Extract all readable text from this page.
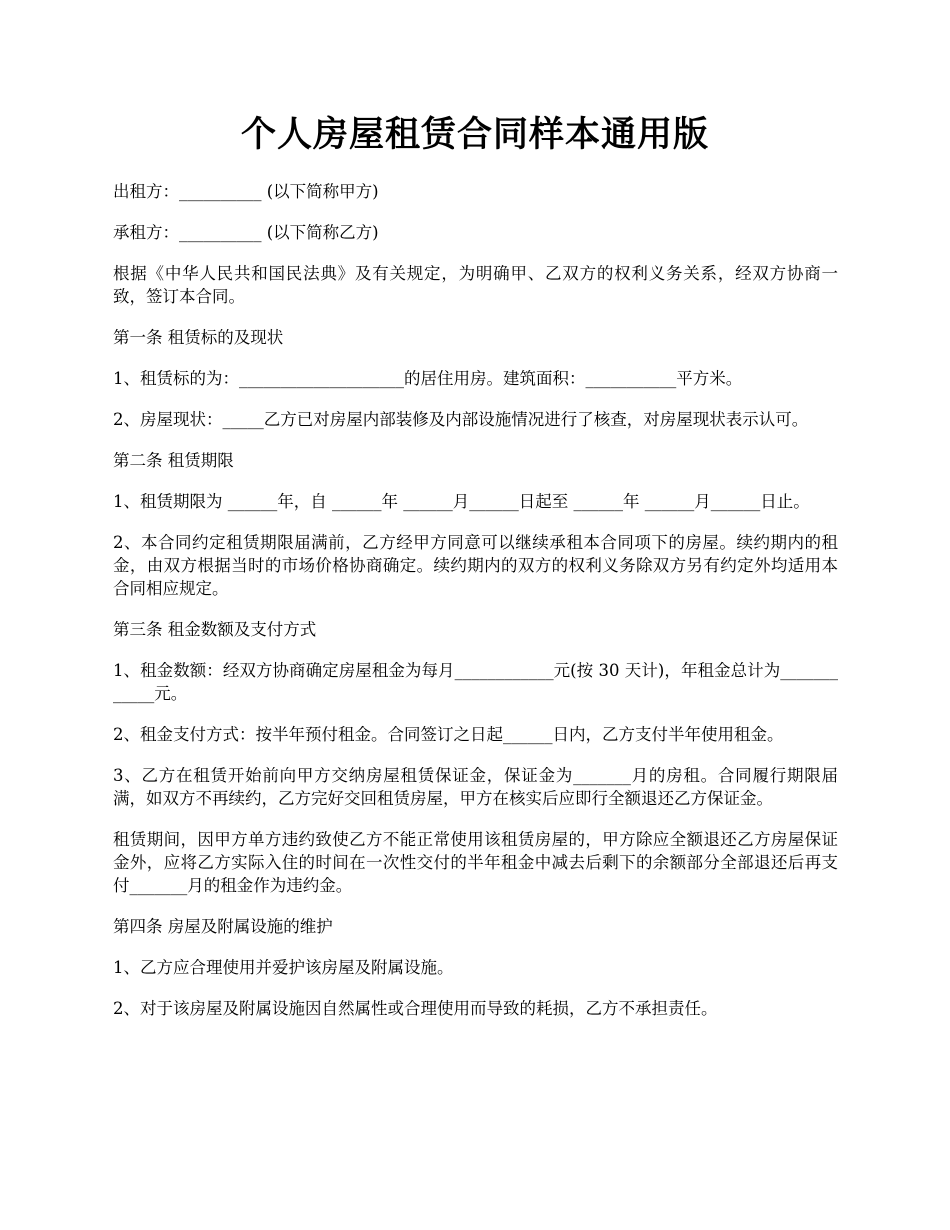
个人房屋租赁合同样本通用版

出租方：__________ (以下简称甲方)

承租方：__________ (以下简称乙方)

根据《中华人民共和国民法典》及有关规定，为明确甲、乙双方的权利义务关系，经双方协商一致，签订本合同。

第一条 租赁标的及现状

1、租赁标的为：____________________的居住用房。建筑面积：___________平方米。

2、房屋现状：_____乙方已对房屋内部装修及内部设施情况进行了核查，对房屋现状表示认可。

第二条 租赁期限

1、租赁期限为 ______年，自 ______年 ______月______日起至 ______年 ______月______日止。

2、本合同约定租赁期限届满前，乙方经甲方同意可以继续承租本合同项下的房屋。续约期内的租金，由双方根据当时的市场价格协商确定。续约期内的双方的权利义务除双方另有约定外均适用本合同相应规定。

第三条 租金数额及支付方式

1、租金数额：经双方协商确定房屋租金为每月____________元(按 30 天计)，年租金总计为____________元。

2、租金支付方式：按半年预付租金。合同签订之日起______日内，乙方支付半年使用租金。

3、乙方在租赁开始前向甲方交纳房屋租赁保证金，保证金为_______月的房租。合同履行期限届满，如双方不再续约，乙方完好交回租赁房屋，甲方在核实后应即行全额退还乙方保证金。

租赁期间，因甲方单方违约致使乙方不能正常使用该租赁房屋的，甲方除应全额退还乙方房屋保证金外，应将乙方实际入住的时间在一次性交付的半年租金中减去后剩下的余额部分全部退还后再支付_______月的租金作为违约金。

第四条 房屋及附属设施的维护

1、乙方应合理使用并爱护该房屋及附属设施。

2、对于该房屋及附属设施因自然属性或合理使用而导致的耗损，乙方不承担责任。
